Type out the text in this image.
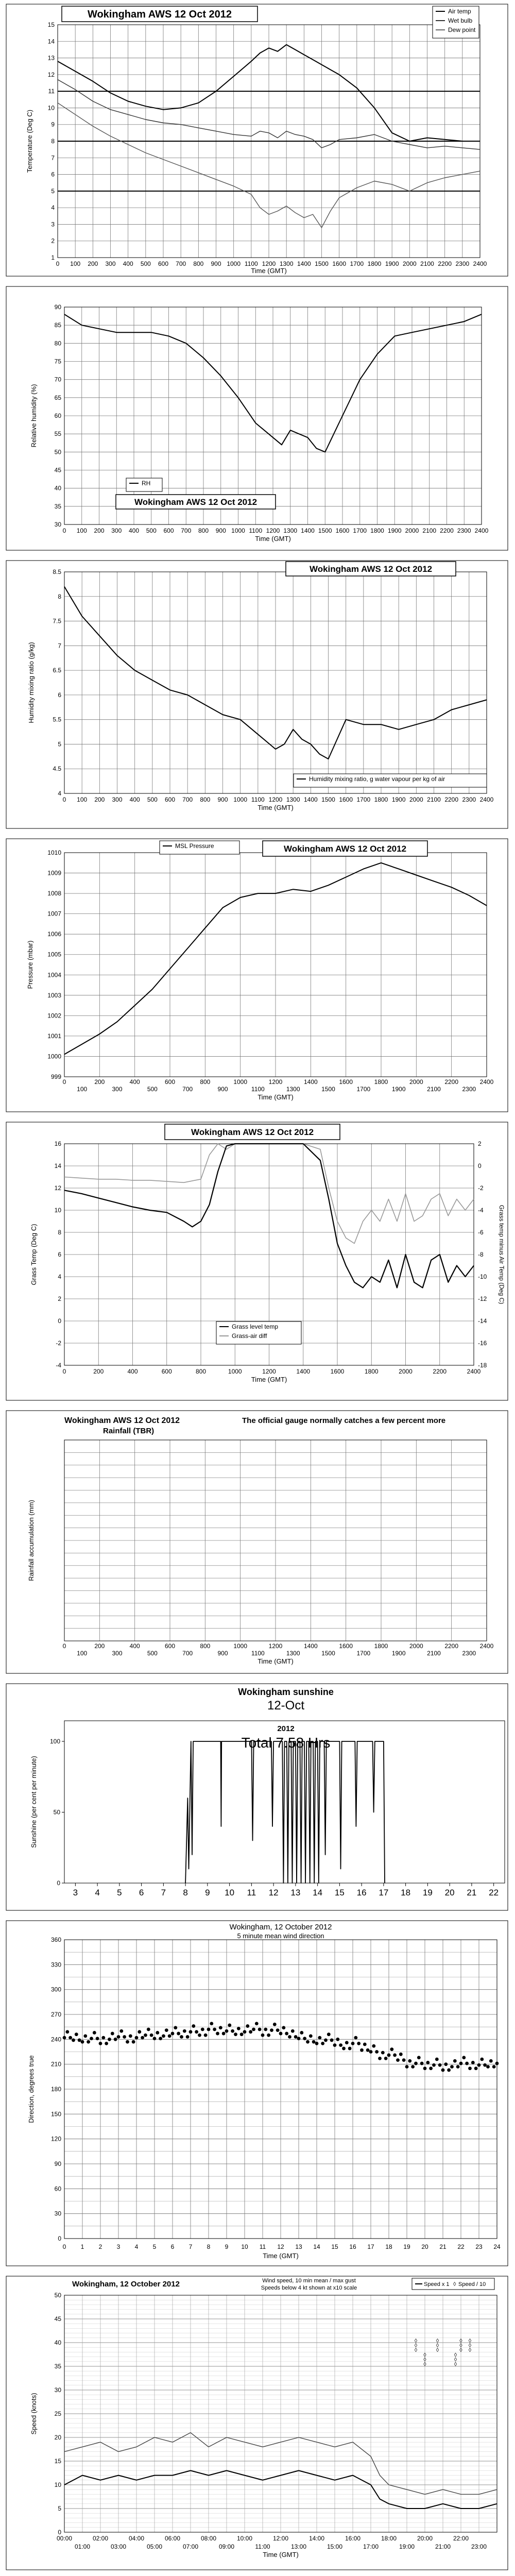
1
2
3
4
5
6
7
8
9
10
11
12
13
14
15
0 100 200 300 400 500 600 700 800 900 1000 1100 1200 1300 1400 1500 1600 1700 1800 1900 2000 2100 2200 2300 2400
Wokingham AWS 12 Oct 2012	Air temp
Wet bulb
Dew point
Time (GMT)
Temperature (Deg C)
30
35
40
45
50
55
60
65
70
75
80
85
90
0 100 200 300 400 500 600 700 800 900 1000 1100 1200 1300 1400 1500 1600 1700 1800 1900 2000 2100 2200 2300 2400
RH
Wokingham AWS 12 Oct 2012
Time (GMT)
Relative humidity (%)
4
4.5
5
5.5
6
6.5
7
7.5
8
8.5
0 100 200 300 400 500 600 700 800 900 1000 1100 1200 1300 1400 1500 1600 1700 1800 1900 2000 2100 2200 2300 2400
Wokingham AWS 12 Oct 2012
Humidity mixing ratio, g water vapour per kg of air
Time (GMT)
Humidity mixing ratio (g/kg)
999
1000
1001
1002
1003
1004
1005
1006
1007
1008
1009
1010
0	200	400	600	800	1000	1200	1400	1600	1800	2000	2200	2400
100	300	500	700	900	1100	1300	1500	1700	1900	2100	2300
MSL Pressure	Wokingham AWS 12 Oct 2012
Time (GMT)
Pressure (mbar)
-4
-2
0
2
4
6
8
10
12
14
16
-18
-16
-14
-12
-10
-8
-6
-4
-2
0
2
0	200	400	600	800	1000	1200	1400	1600	1800	2000	2200	2400
Wokingham AWS 12 Oct 2012
Grass level temp
Grass-air diff
Time (GMT)
Grass Temp (Deg C)	Grass temp minus Air Temp (Deg C)
0	200	400	600	800	1000	1200	1400	1600	1800	2000	2200	2400
100	300	500	700	900	1100	1300	1500	1700	1900	2100	2300
Wokingham AWS 12 Oct 2012
Rainfall (TBR)
The official gauge normally catches a few percent more
Time (GMT)
Rainfall accumulation (mm)
0
50
100
3 4 5 6 7 8 9 10 11 12 13 14 15 16 17 18 19 20 21 22
Wokingham sunshine
12-Oct
2012
Total 7.58 Hrs
Sunshine (per cent per minute)
0
30
60
90
120
150
180
210
240
270
300
330
360
0 1 2 3 4 5 6 7 8 9 10 11 12 13 14 15 16 17 18 19 20 21 22 23 24
Wokingham, 12 October 2012
5 minute mean wind direction
Time (GMT)
Direction, degrees true
0
5
10
15
20
25
30
35
40
45
50
00:00	02:00	04:00	06:00	08:00	10:00	12:00	14:00	16:00	18:00	20:00	22:00
01:00	03:00	05:00	07:00	09:00	11:00	13:00	15:00	17:00	19:00	21:00	23:00
◊
◊
◊
◊
◊
◊
◊
◊
◊
◊
◊
◊
◊
◊
◊
◊
◊
◊
Wokingham, 12 October 2012	Wind speed, 10 min mean / max gust
Speeds below 4 kt shown at x10 scale
Speed x 1 ◊ Speed / 10
Time (GMT)
Speed (knots)
